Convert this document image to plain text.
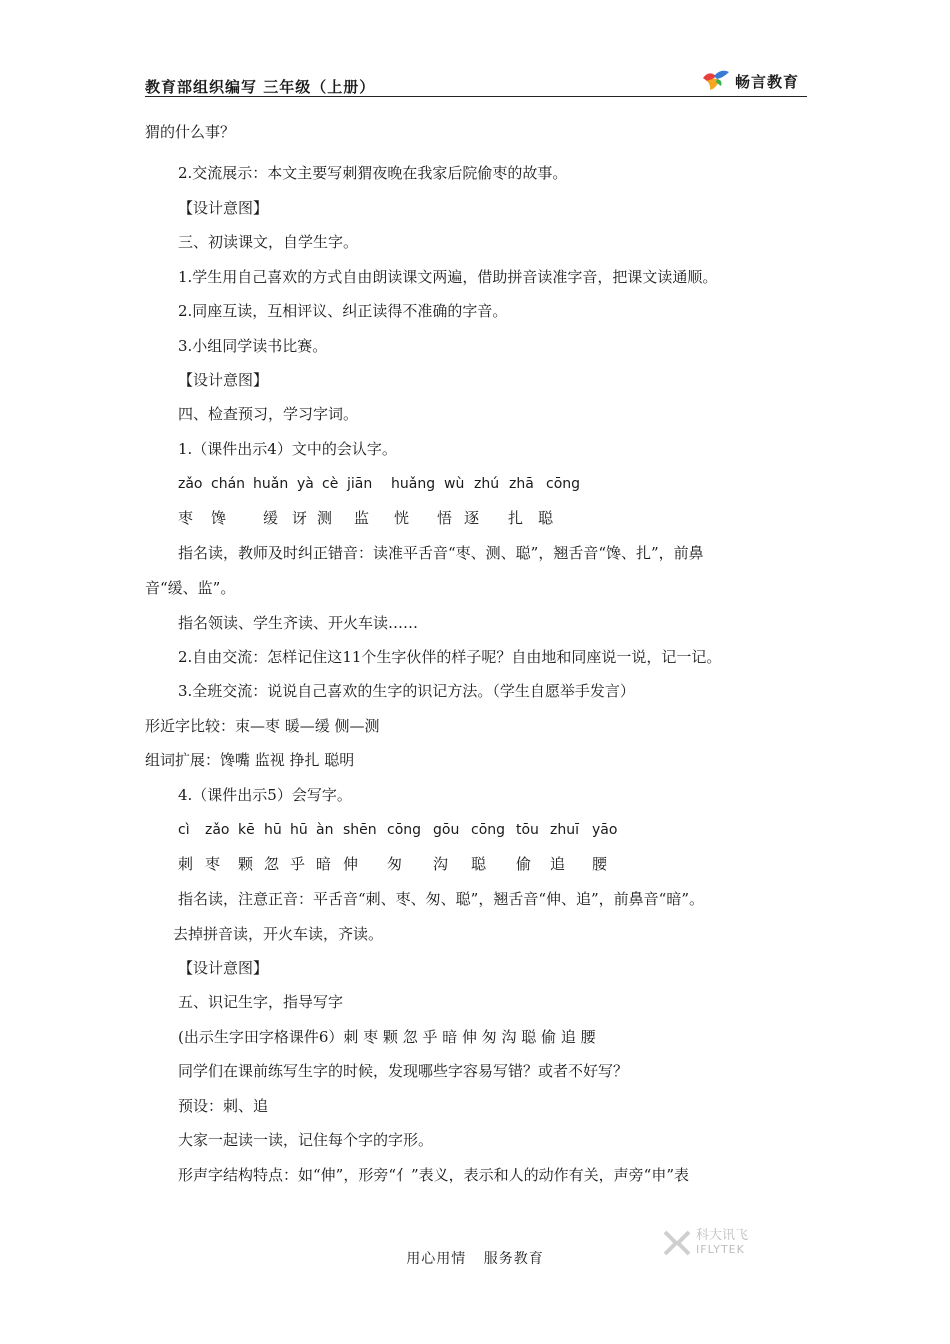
教育部组织编写 三年级（上册）	畅言教育
猬的什么事？
2.交流展示：本文主要写刺猬夜晚在我家后院偷枣的故事。
【设计意图】
三、初读课文，自学生字。
1.学生用自己喜欢的方式自由朗读课文两遍，借助拼音读准字音，把课文读通顺。
2.同座互读，互相评议、纠正读得不准确的字音。
3.小组同学读书比赛。
【设计意图】
四、检查预习，学习字词。
1.（课件出示4）文中的会认字。
zǎo chán huǎn yà cè jiān huǎng wù zhú zhā cōng
枣 馋 缓 讶 测 监 恍 悟 逐 扎 聪
指名读，教师及时纠正错音：读准平舌音“枣、测、聪”，翘舌音“馋、扎”，前鼻
音“缓、监”。
指名领读、学生齐读、开火车读……
2.自由交流：怎样记住这11个生字伙伴的样子呢？自由地和同座说一说，记一记。
3.全班交流：说说自己喜欢的生字的识记方法。（学生自愿举手发言）
形近字比较：朿—枣 暖—缓 侧—测
组词扩展：馋嘴 监视 挣扎 聪明
4.（课件出示5）会写字。
cì zǎo kē hū hū àn shēn cōng gōu cōng tōu zhuī yāo
刺 枣 颗 忽 乎 暗 伸 匆 沟 聪 偷 追 腰
指名读，注意正音：平舌音“刺、枣、匆、聪”，翘舌音“伸、追”，前鼻音“暗”。
去掉拼音读，开火车读，齐读。
【设计意图】
五、识记生字，指导写字
(出示生字田字格课件6）刺 枣 颗 忽 乎 暗 伸 匆 沟 聪 偷 追 腰
同学们在课前练写生字的时候，发现哪些字容易写错？或者不好写？
预设：刺、追
大家一起读一读，记住每个字的字形。
形声字结构特点：如“伸”，形旁“亻”表义，表示和人的动作有关，声旁“申”表
用心用情 服务教育
科大讯飞
IFLYTEK
